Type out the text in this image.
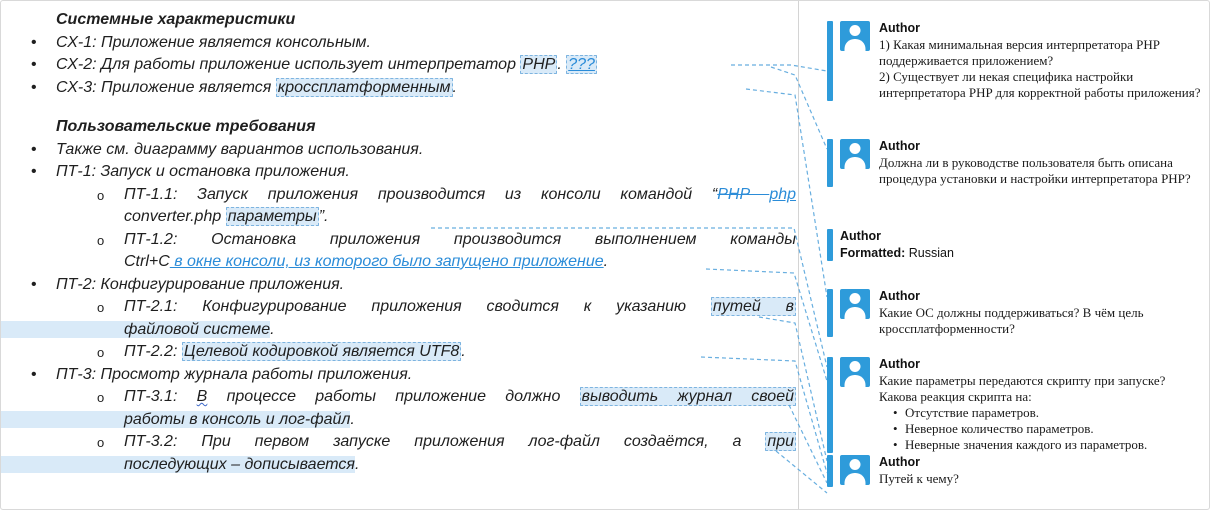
Системные характеристики
• СХ-1: Приложение является консольным.
• СХ-2: Для работы приложение использует интерпретатор PHP . ???
• СХ-3: Приложение является кроссплатформенным .
Пользовательские требования
• Также см. диаграмму вариантов использования.
• ПТ-1: Запуск и остановка приложения.
o ПТ-1.1: Запуск приложения производится из консоли командой “PHP php
converter.php параметры ”.
o ПТ-1.2: Остановка приложения производится выполнением команды
Ctrl+C в окне консоли, из которого было запущено приложение.
• ПТ-2: Конфигурирование приложения.
o ПТ-2.1: Конфигурирование приложения сводится к указанию путей в
файловой системе.
o ПТ-2.2: Целевой кодировкой является UTF8 .
• ПТ-3: Просмотр журнала работы приложения.
o ПТ-3.1: В процессе работы приложение должно выводить журнал своей
работы в консоль и лог-файл.
o ПТ-3.2: При первом запуске приложения лог-файл создаётся, а при
последующих – дописывается.
Author
1) Какая минимальная версия интерпретатора PHP поддерживается приложением?
2) Существует ли некая специфика настройки интерпретатора PHP для корректной работы приложения?
Author
Должна ли в руководстве пользователя быть описана процедура установки и настройки интерпретатора PHP?
Author
Formatted: Russian
Author
Какие ОС должны поддерживаться? В чём цель кроссплатформенности?
Author
Какие параметры передаются скрипту при запуске? Какова реакция скрипта на:
• Отсутствие параметров.
• Неверное количество параметров.
• Неверные значения каждого из параметров.
Author
Путей к чему?
